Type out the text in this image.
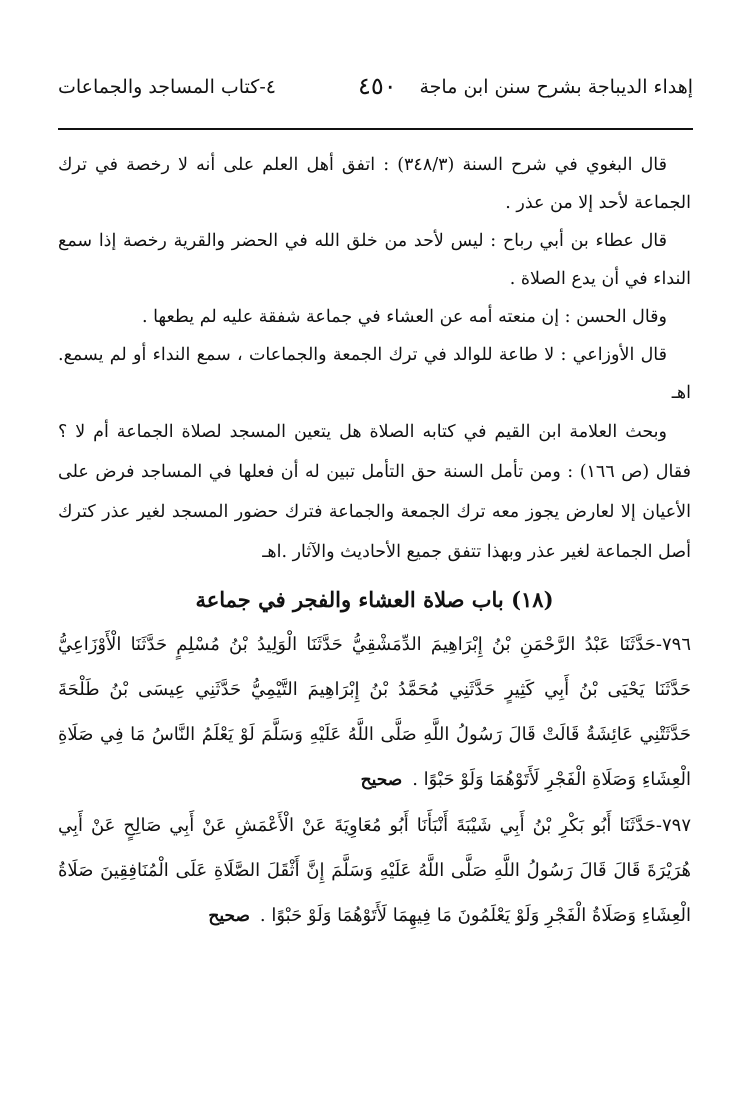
إهداء الديباجة بشرح سنن ابن ماجة
٤٥٠
٤-كتاب المساجد والجماعات

قال البغوي في شرح السنة (٣٤٨/٣) : اتفق أهل العلم على أنه لا رخصة في ترك الجماعة لأحد إلا من عذر .

قال عطاء بن أبي رباح : ليس لأحد من خلق الله في الحضر والقرية رخصة إذا سمع النداء في أن يدع الصلاة .

وقال الحسن : إن منعته أمه عن العشاء في جماعة شفقة عليه لم يطعها .

قال الأوزاعي : لا طاعة للوالد في ترك الجمعة والجماعات ، سمع النداء أو لم يسمع. اهـ

وبحث العلامة ابن القيم في كتابه الصلاة هل يتعين المسجد لصلاة الجماعة أم لا ؟ فقال (ص ١٦٦) : ومن تأمل السنة حق التأمل تبين له أن فعلها في المساجد فرض على الأعيان إلا لعارض يجوز معه ترك الجمعة والجماعة فترك حضور المسجد لغير عذر كترك أصل الجماعة لغير عذر وبهذا تتفق جميع الأحاديث والآثار .اهـ

(١٨) باب صلاة العشاء والفجر في جماعة

٧٩٦-حَدَّثَنَا عَبْدُ الرَّحْمَنِ بْنُ إِبْرَاهِيمَ الدِّمَشْقِيُّ حَدَّثَنَا الْوَلِيدُ بْنُ مُسْلِمٍ حَدَّثَنَا الْأَوْزَاعِيُّ حَدَّثَنَا يَحْيَى بْنُ أَبِي كَثِيرٍ حَدَّثَنِي مُحَمَّدُ بْنُ إِبْرَاهِيمَ التَّيْمِيُّ حَدَّثَنِي عِيسَى بْنُ طَلْحَةَ حَدَّثَتْنِي عَائِشَةُ قَالَتْ قَالَ رَسُولُ اللَّهِ صَلَّى اللَّهُ عَلَيْهِ وَسَلَّمَ لَوْ يَعْلَمُ النَّاسُ مَا فِي صَلَاةِ الْعِشَاءِ وَصَلَاةِ الْفَجْرِ لَأَتَوْهُمَا وَلَوْ حَبْوًا .صحيح

٧٩٧-حَدَّثَنَا أَبُو بَكْرِ بْنُ أَبِي شَيْبَةَ أَنْبَأَنَا أَبُو مُعَاوِيَةَ عَنْ الْأَعْمَشِ عَنْ أَبِي صَالِحٍ عَنْ أَبِي هُرَيْرَةَ قَالَ قَالَ رَسُولُ اللَّهِ صَلَّى اللَّهُ عَلَيْهِ وَسَلَّمَ إِنَّ أَثْقَلَ الصَّلَاةِ عَلَى الْمُنَافِقِينَ صَلَاةُ الْعِشَاءِ وَصَلَاةُ الْفَجْرِ وَلَوْ يَعْلَمُونَ مَا فِيهِمَا لَأَتَوْهُمَا وَلَوْ حَبْوًا .صحيح
